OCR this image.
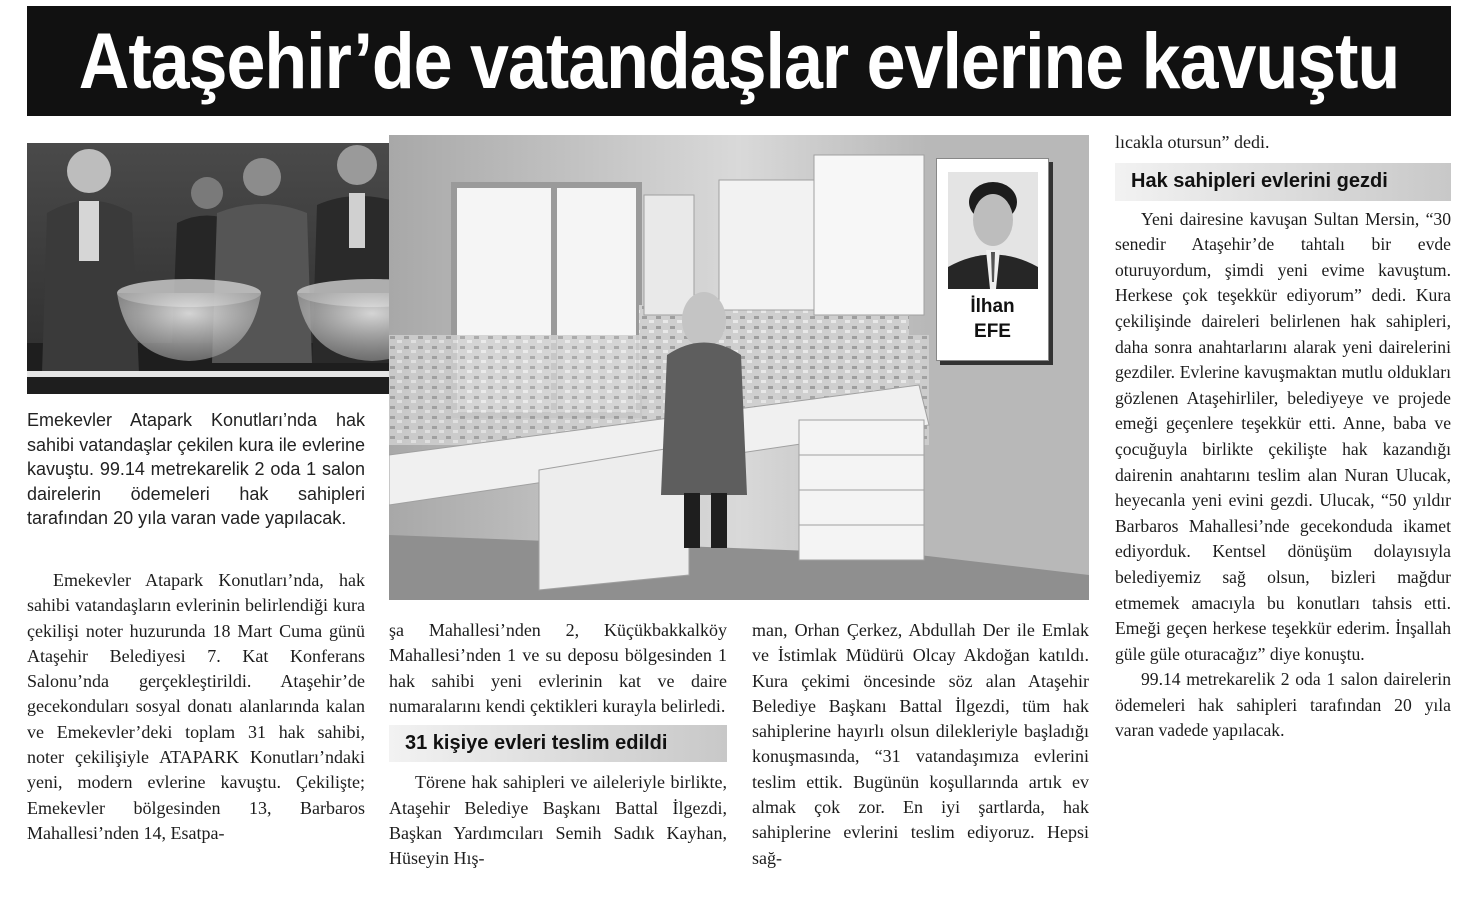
Ataşehir’de vatandaşlar evlerine kavuştu
Emekevler Atapark Konutları’nda hak sahibi vatandaşlar çekilen kura ile evlerine kavuştu. 99.14 metrekarelik 2 oda 1 salon dairelerin ödemeleri hak sahipleri tarafından 20 yıla varan vade yapılacak.
İlhan
EFE

Emekevler Atapark Konutları’nda, hak sahibi vatandaşların evlerinin belirlendiği kura çekilişi noter huzurunda 18 Mart Cuma günü Ataşehir Belediyesi 7. Kat Konferans Salonu’nda gerçekleştirildi. Ataşehir’de gecekonduları sosyal donatı alanlarında kalan ve Emekevler’deki toplam 31 hak sahibi, noter çekilişiyle ATAPARK Konutları’ndaki yeni, modern evlerine kavuştu. Çekilişte; Emekevler bölgesinden 13, Barbaros Mahallesi’nden 14, Esatpa-

şa Mahallesi’nden 2, Küçükbakkalköy Mahallesi’nden 1 ve su deposu bölgesinden 1 hak sahibi yeni evlerinin kat ve daire numaralarını kendi çektikleri kurayla belirledi.

31 kişiye evleri teslim edildi

Törene hak sahipleri ve aileleriyle birlikte, Ataşehir Belediye Başkanı Battal İlgezdi, Başkan Yardımcıları Semih Sadık Kayhan, Hüseyin Hış-

man, Orhan Çerkez, Abdullah Der ile Emlak ve İstimlak Müdürü Olcay Akdoğan katıldı. Kura çekimi öncesinde söz alan Ataşehir Belediye Başkanı Battal İlgezdi, tüm hak sahiplerine hayırlı olsun dilekleriyle başladığı konuşmasında, “31 vatandaşımıza evlerini teslim ettik. Bugünün koşullarında artık ev almak çok zor. En iyi şartlarda, hak sahiplerine evlerini teslim ediyoruz. Hepsi sağ-

lıcakla otursun” dedi.

Hak sahipleri evlerini gezdi

Yeni dairesine kavuşan Sultan Mersin, “30 senedir Ataşehir’de tahtalı bir evde oturuyordum, şimdi yeni evime kavuştum. Herkese çok teşekkür ediyorum” dedi. Kura çekilişinde daireleri belirlenen hak sahipleri, daha sonra anahtarlarını alarak yeni dairelerini gezdiler. Evlerine kavuşmaktan mutlu oldukları gözlenen Ataşehirliler, belediyeye ve projede emeği geçenlere teşekkür etti. Anne, baba ve çocuğuyla birlikte çekilişte hak kazandığı dairenin anahtarını teslim alan Nuran Ulucak, heyecanla yeni evini gezdi. Ulucak, “50 yıldır Barbaros Mahallesi’nde gecekonduda ikamet ediyorduk. Kentsel dönüşüm dolayısıyla belediyemiz sağ olsun, bizleri mağdur etmemek amacıyla bu konutları tahsis etti. Emeği geçen herkese teşekkür ederim. İnşallah güle güle oturacağız” diye konuştu.

99.14 metrekarelik 2 oda 1 salon dairelerin ödemeleri hak sahipleri tarafından 20 yıla varan vadede yapılacak.
